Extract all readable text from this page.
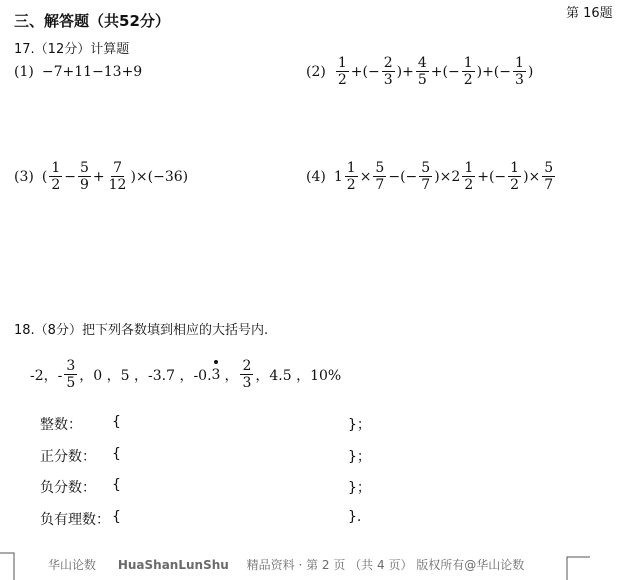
三、解答题（共52分）	第 16题
17.（12分）计算题
(1) −7+11−13+9	$(2) \frac{1}{2}$ +(− $\frac{2}{3}$ )+ $\frac{4}{5}$ +(− $\frac{1}{2}$ )+(− $\frac{1}{3}$ )
(3) ( $\frac{1}{2} - \frac{5}{9} + \frac{7}{12} )\times(-36)$	(4) $1 \frac{1}{2} \times \frac{5}{7}$ −(− $\frac{5}{7} )\times 2 \frac{1}{2}$ +(− $\frac{1}{2}$ )× $\frac{5}{7}$
18.（8分）把下列各数填到相应的大括号内.
-2，- $\frac{3}{5}$ ，0 ，5 ，-3.7 ，-0. 3 ， $\frac{2}{3}$ ，4.5 ，10%
整数： {	}；
正分数： {	}；
负分数： {	}；
负有理数： {	}.
华山论数 HuaShanLunShu 精品资料 · 第 2 页 （共 4 页） 版权所有@华山论数
